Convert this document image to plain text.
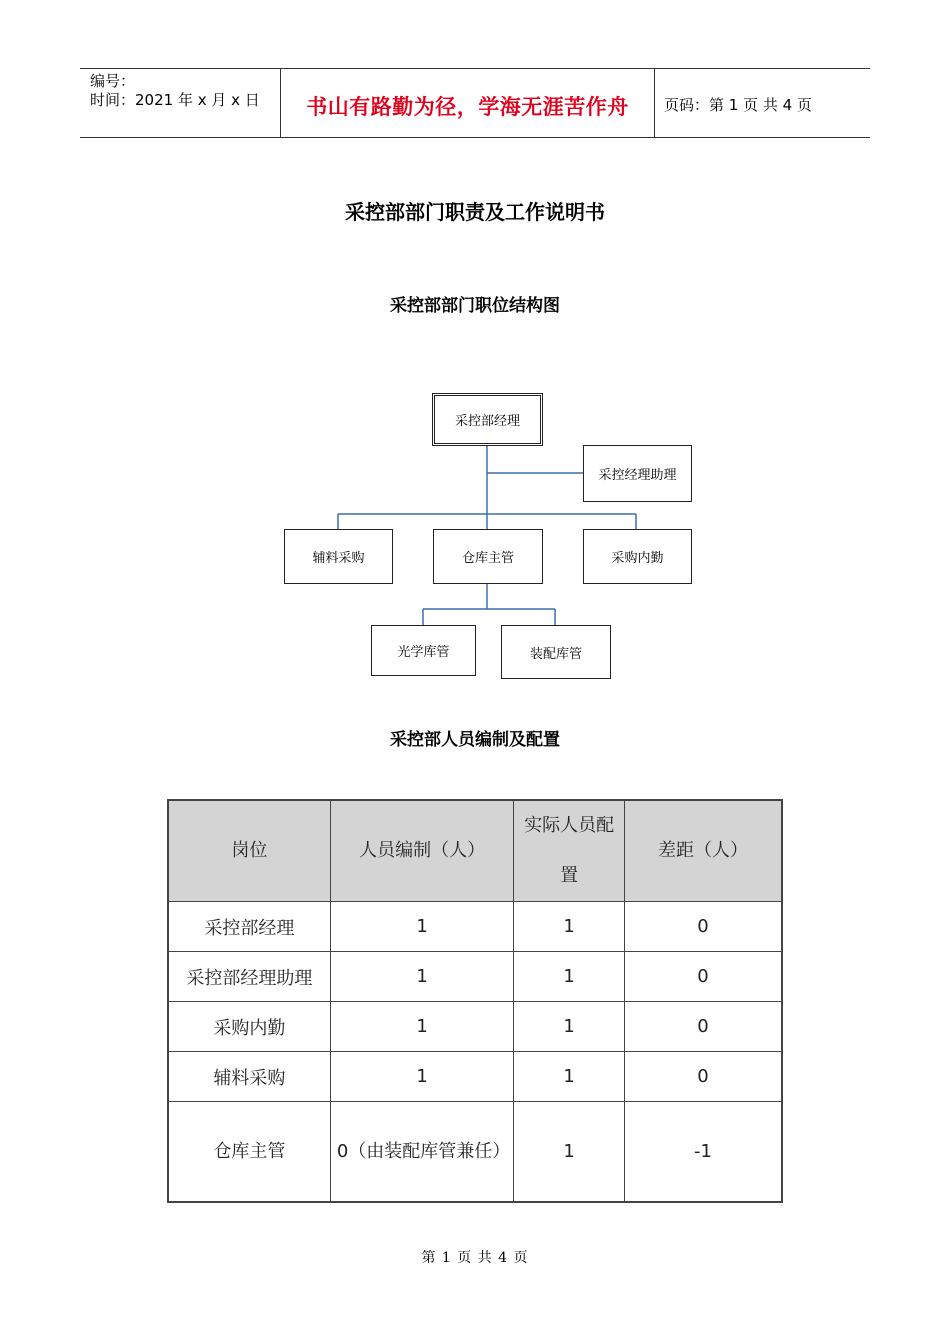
编号：
时间：2021 年 x 月 x 日	书山有路勤为径，学海无涯苦作舟	页码：第 1 页 共 4 页
采控部部门职责及工作说明书
采控部部门职位结构图
采控部经理
采控经理助理
辅料采购	仓库主管	采购内勤
光学库管	装配库管
采控部人员编制及配置
岗位	人员编制（人）	实际人员配置	差距（人）
采控部经理	1	1	0
采控部经理助理	1	1	0
采购内勤	1	1	0
辅料采购	1	1	0
仓库主管	0（由装配库管兼任）	1	-1
第 1 页 共 4 页
